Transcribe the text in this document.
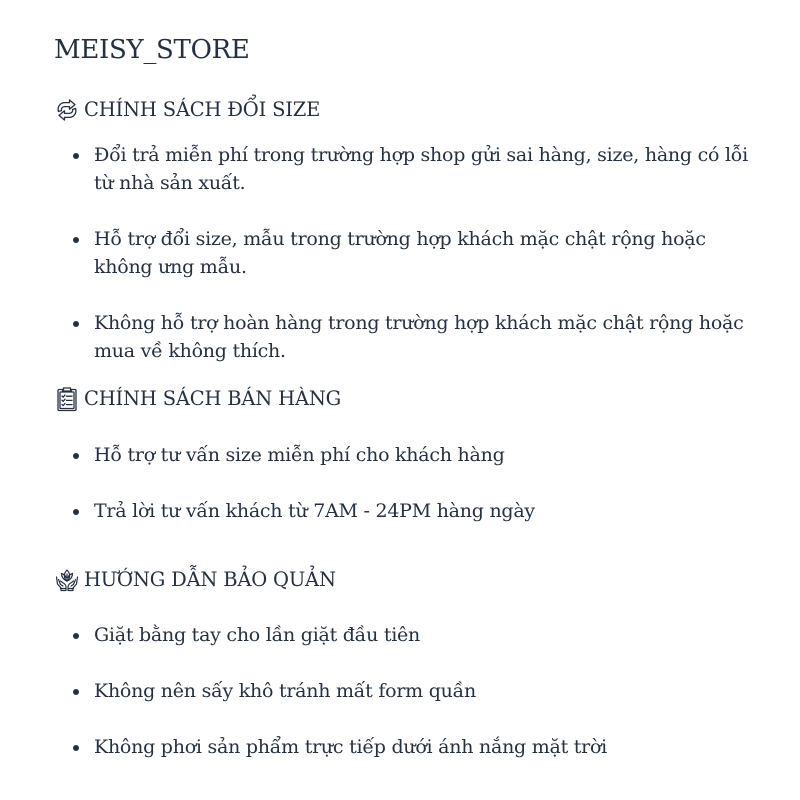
MEISY_STORE
CHÍNH SÁCH ĐỔI SIZE
Đổi trả miễn phí trong trường hợp shop gửi sai hàng, size, hàng có lỗi từ nhà sản xuất.
Hỗ trợ đổi size, mẫu trong trường hợp khách mặc chật rộng hoặc không ưng mẫu.
Không hỗ trợ hoàn hàng trong trường hợp khách mặc chật rộng hoặc mua về không thích.
CHÍNH SÁCH BÁN HÀNG
Hỗ trợ tư vấn size miễn phí cho khách hàng
Trả lời tư vấn khách từ 7AM - 24PM hàng ngày
HƯỚNG DẪN BẢO QUẢN
Giặt bằng tay cho lần giặt đầu tiên
Không nên sấy khô tránh mất form quần
Không phơi sản phẩm trực tiếp dưới ánh nắng mặt trời
